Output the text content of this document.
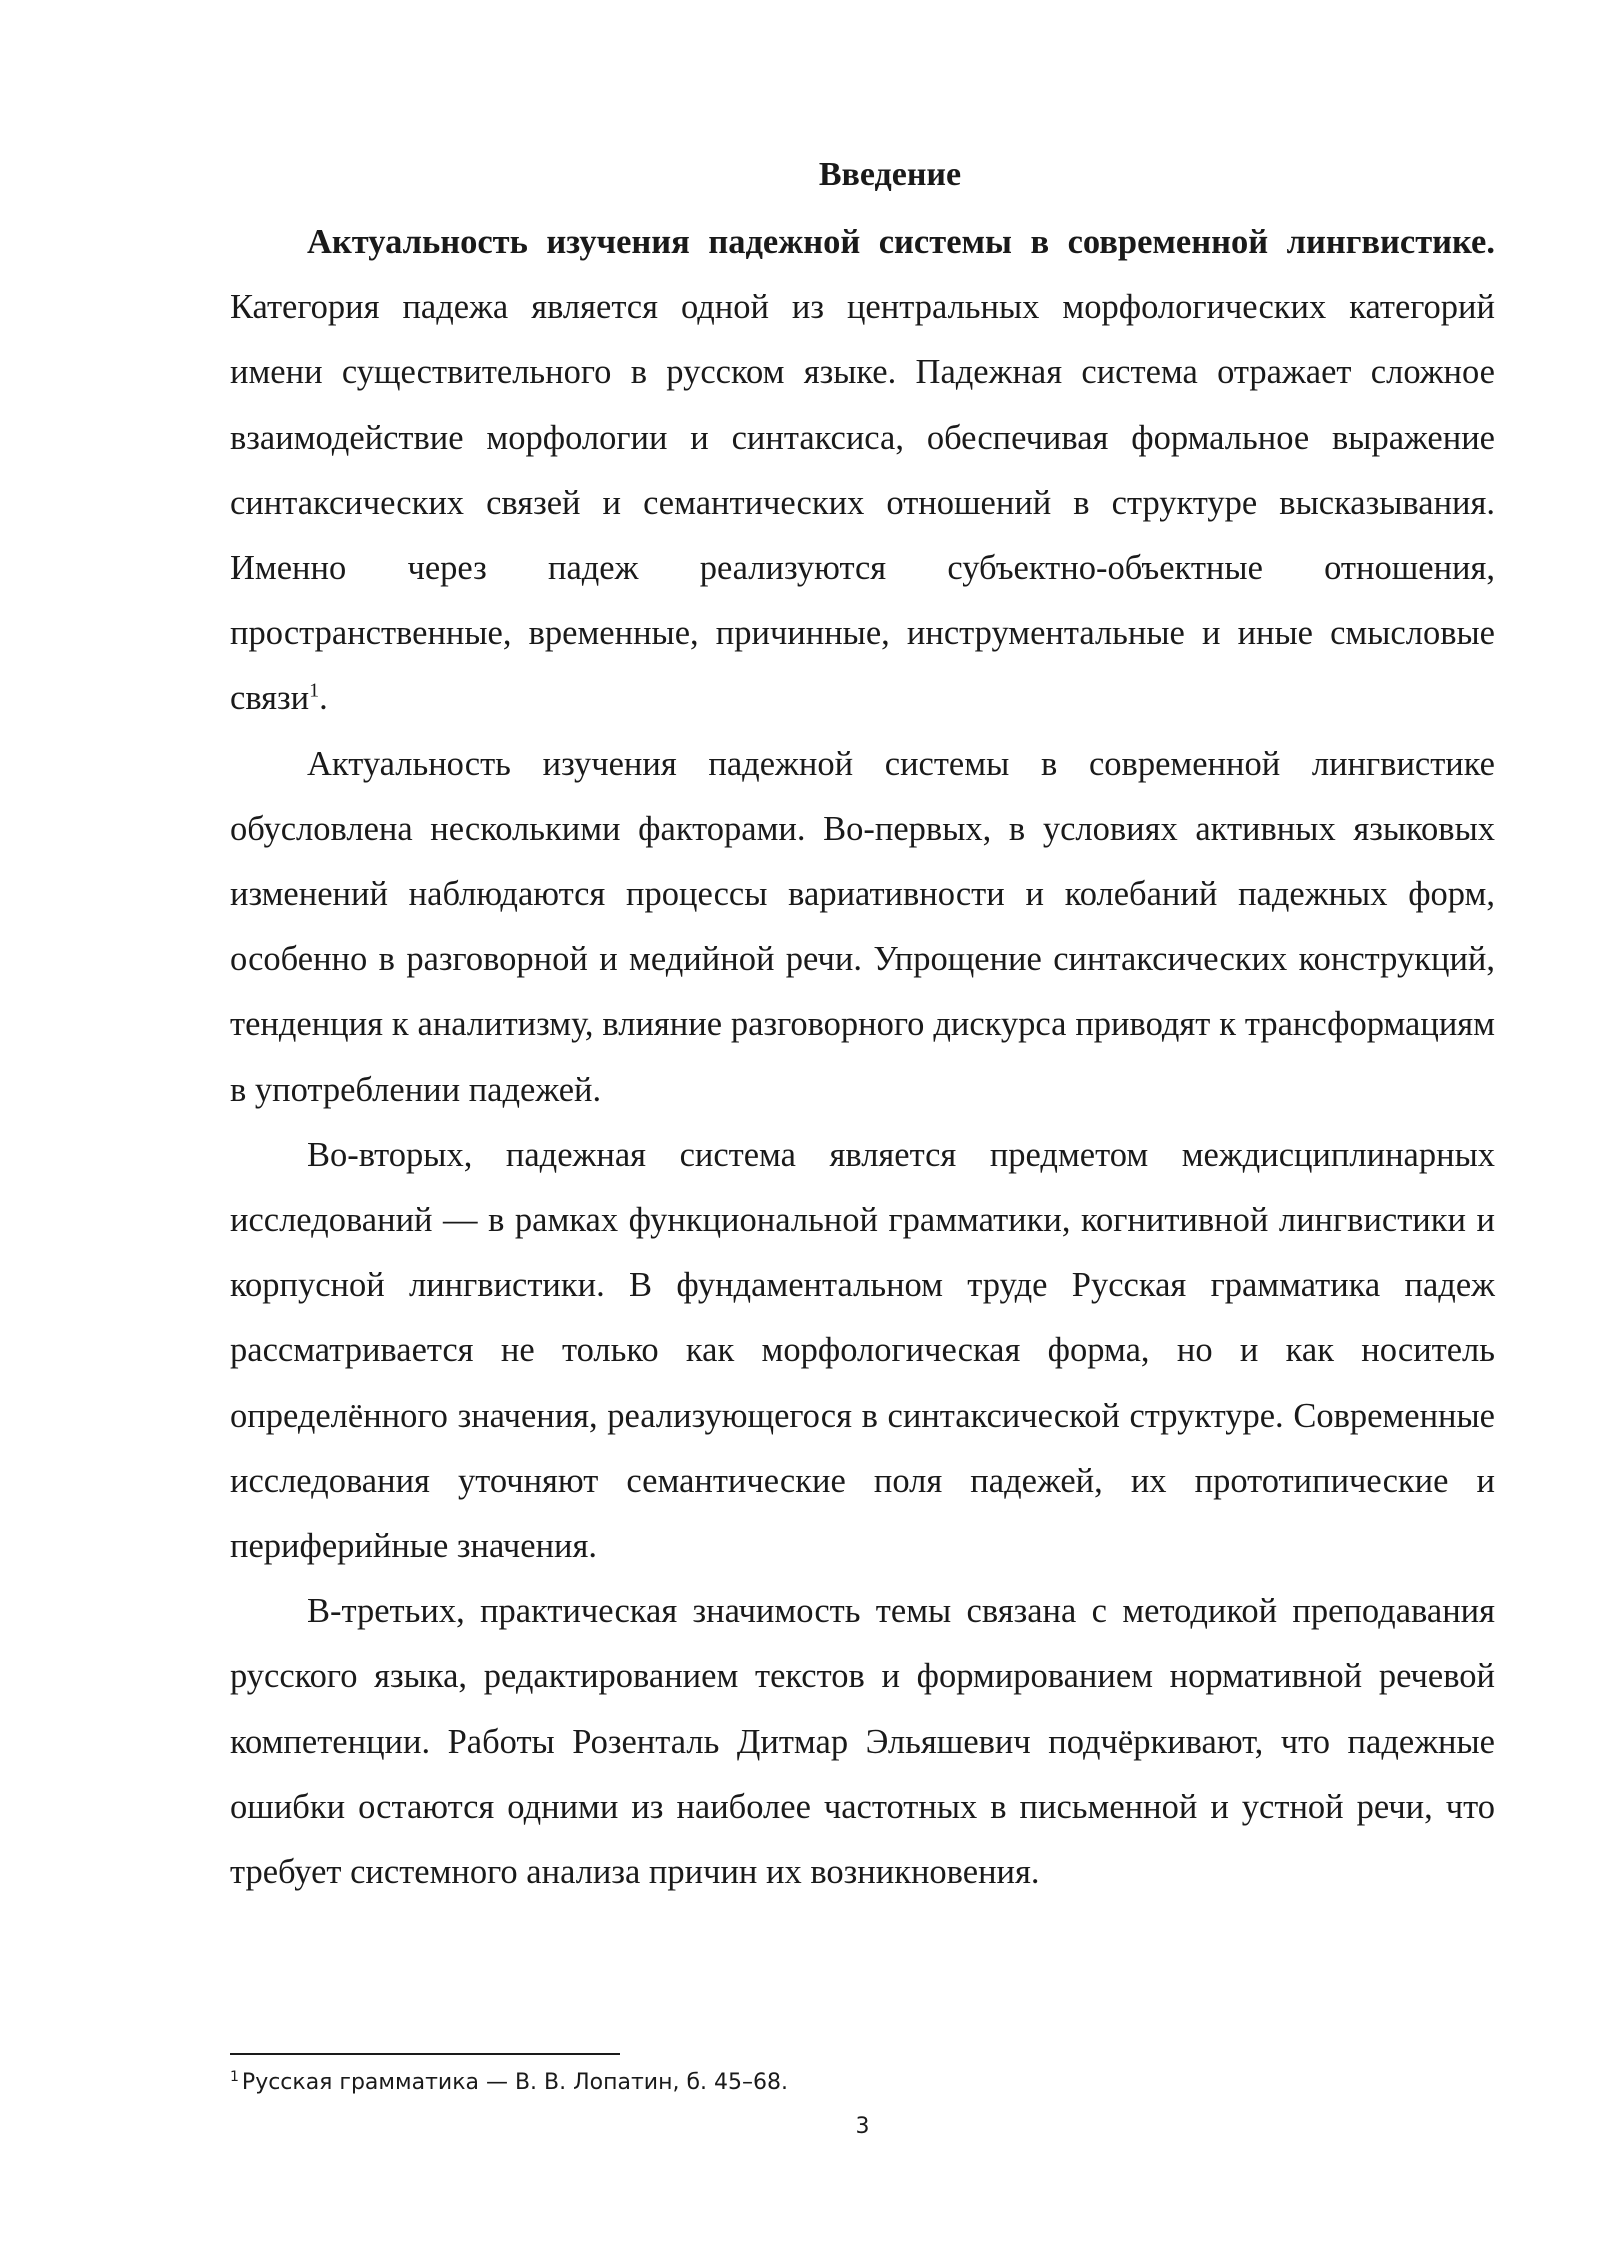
Введение

Актуальность изучения падежной системы в современной лингвистике. Категория падежа является одной из центральных морфологических категорий имени существительного в русском языке. Падежная система отражает сложное взаимодействие морфологии и синтаксиса, обеспечивая формальное выражение синтаксических связей и семантических отношений в структуре высказывания. Именно через падеж реализуются субъектно-объектные отношения, пространственные, временные, причинные, инструментальные и иные смысловые связи$^1$.

Актуальность изучения падежной системы в современной лингвистике обусловлена несколькими факторами. Во-первых, в условиях активных языковых изменений наблюдаются процессы вариативности и колебаний падежных форм, особенно в разговорной и медийной речи. Упрощение синтаксических конструкций, тенденция к аналитизму, влияние разговорного дискурса приводят к трансформациям в употреблении падежей.

Во-вторых, падежная система является предметом междисциплинарных исследований — в рамках функциональной грамматики, когнитивной лингвистики и корпусной лингвистики. В фундаментальном труде Русская грамматика падеж рассматривается не только как морфологическая форма, но и как носитель определённого значения, реализующегося в синтаксической структуре. Современные исследования уточняют семантические поля падежей, их прототипические и периферийные значения.

В-третьих, практическая значимость темы связана с методикой преподавания русского языка, редактированием текстов и формированием нормативной речевой компетенции. Работы Розенталь Дитмар Эльяшевич подчёркивают, что падежные ошибки остаются одними из наиболее частотных в письменной и устной речи, что требует системного анализа причин их возникновения.

$^1$ Русская грамматика — В. В. Лопатин, б. 45–68.
3
